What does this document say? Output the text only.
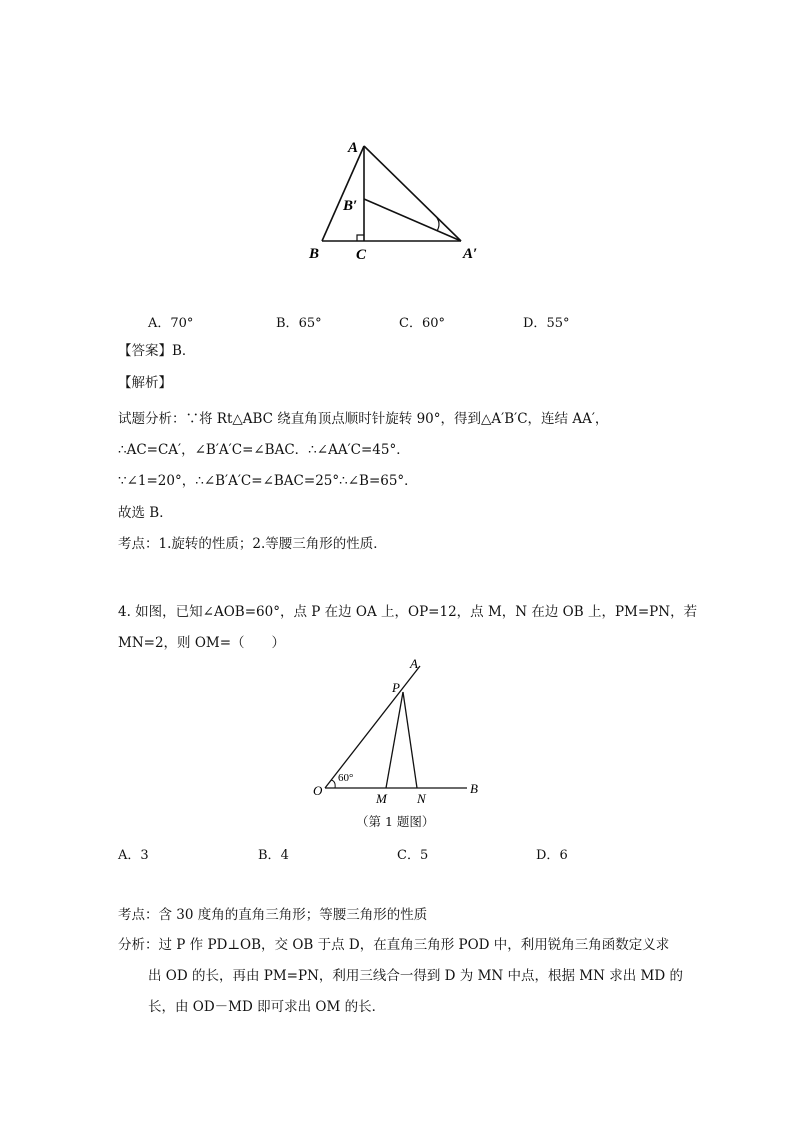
A
B′
B C	A′
A．70°	B．65°	C．60°	D．55°
【答案】B．
【解析】
试题分析：∵将 Rt△ABC 绕直角顶点顺时针旋转 90°，得到△A′B′C，连结 AA′，
∴AC=CA′，∠B′A′C=∠BAC．∴∠AA′C=45°．
∵∠1=20°，∴∠B′A′C=∠BAC=25°∴∠B=65°．
故选 B．
考点：1.旋转的性质；2.等腰三角形的性质．
4. 如图，已知∠AOB=60°，点 P 在边 OA 上，OP=12，点 M，N 在边 OB 上，PM=PN，若
MN=2，则 OM=（　　）
A
P
O
M N
B
60°
（第 1 题图）
A．3	B．4	C．5	D．6
考点：含 30 度角的直角三角形；等腰三角形的性质
分析：过 P 作 PD⊥OB，交 OB 于点 D，在直角三角形 POD 中，利用锐角三角函数定义求
出 OD 的长，再由 PM=PN，利用三线合一得到 D 为 MN 中点，根据 MN 求出 MD 的
长，由 OD－MD 即可求出 OM 的长．
